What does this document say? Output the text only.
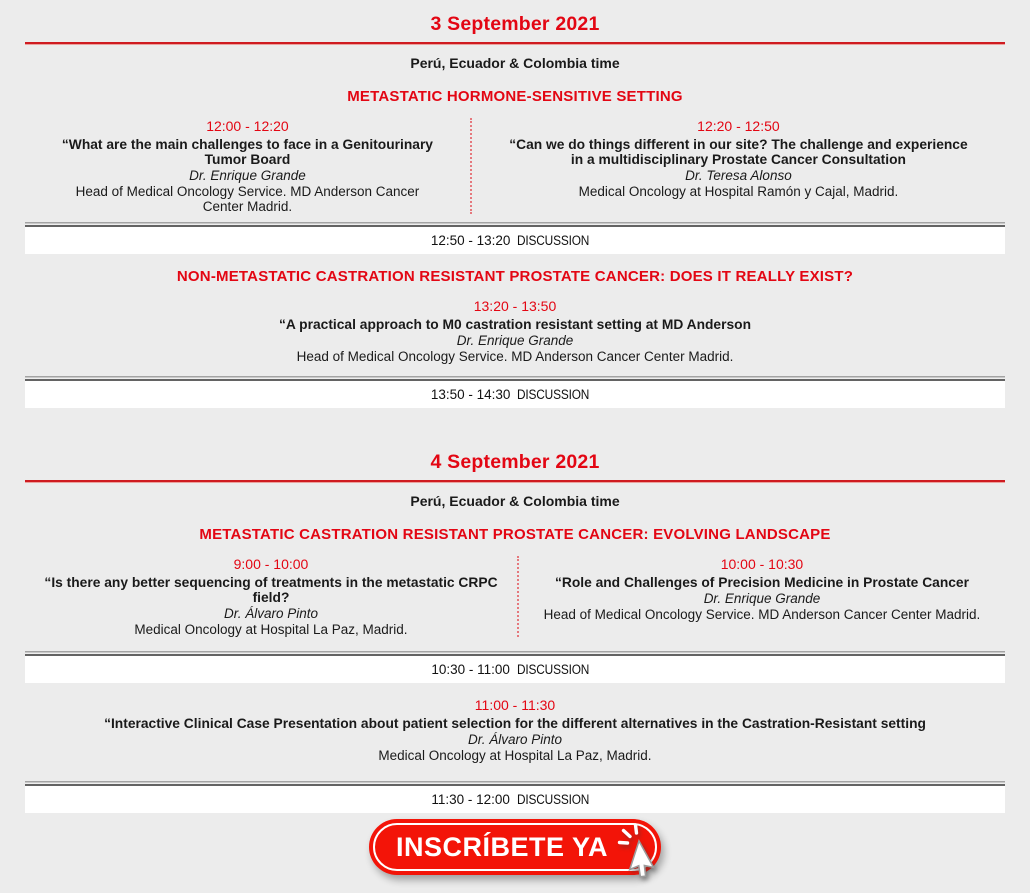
3 September 2021
Perú, Ecuador & Colombia time
METASTATIC HORMONE-SENSITIVE SETTING
12:00 - 12:20
“What are the main challenges to face in a Genitourinary Tumor Board
Dr. Enrique Grande
Head of Medical Oncology Service. MD Anderson Cancer Center Madrid.
12:20 - 12:50
“Can we do things different in our site? The challenge and experience in a multidisciplinary Prostate Cancer Consultation
Dr. Teresa Alonso
Medical Oncology at Hospital Ramón y Cajal, Madrid.
12:50 - 13:20 DISCUSSION
NON-METASTATIC CASTRATION RESISTANT PROSTATE CANCER: DOES IT REALLY EXIST?
13:20 - 13:50
“A practical approach to M0 castration resistant setting at MD Anderson
Dr. Enrique Grande
Head of Medical Oncology Service. MD Anderson Cancer Center Madrid.
13:50 - 14:30 DISCUSSION
4 September 2021
Perú, Ecuador & Colombia time
METASTATIC CASTRATION RESISTANT PROSTATE CANCER: EVOLVING LANDSCAPE
9:00 - 10:00
“Is there any better sequencing of treatments in the metastatic CRPC field?
Dr. Álvaro Pinto
Medical Oncology at Hospital La Paz, Madrid.
10:00 - 10:30
“Role and Challenges of Precision Medicine in Prostate Cancer
Dr. Enrique Grande
Head of Medical Oncology Service. MD Anderson Cancer Center Madrid.
10:30 - 11:00 DISCUSSION
11:00 - 11:30
“Interactive Clinical Case Presentation about patient selection for the different alternatives in the Castration-Resistant setting
Dr. Álvaro Pinto
Medical Oncology at Hospital La Paz, Madrid.
11:30 - 12:00 DISCUSSION
INSCRÍBETE YA
